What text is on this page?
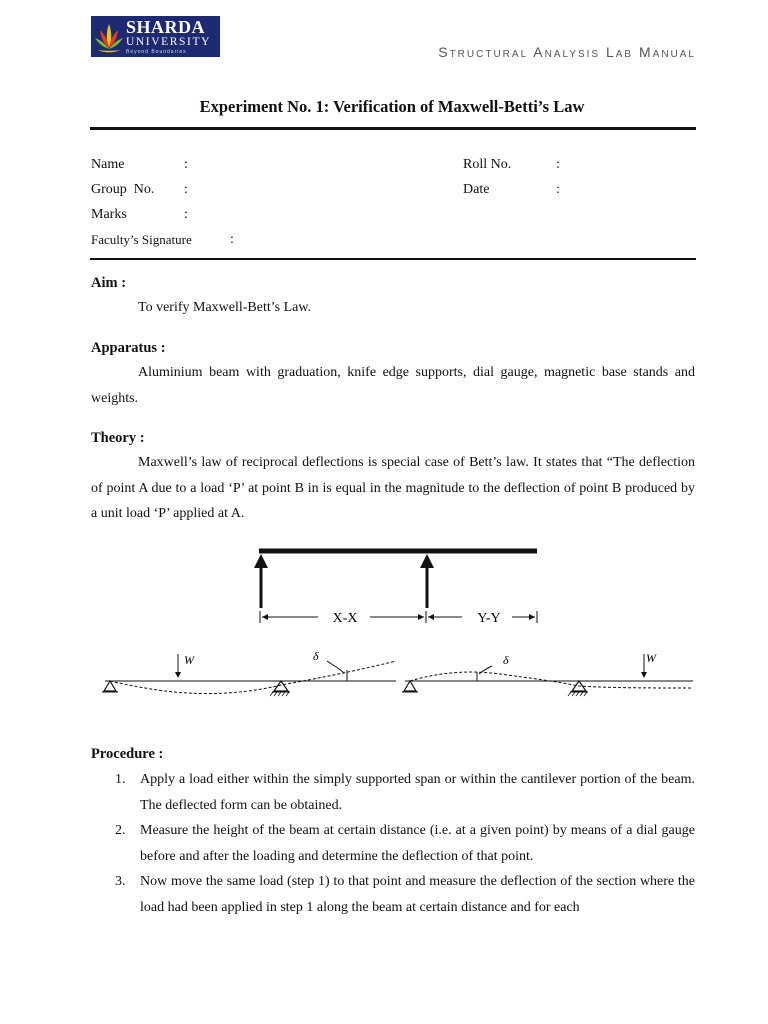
SHARDA
UNIVERSITY
Beyond Boundaries	Structural Analysis Lab Manual
Experiment No. 1: Verification of Maxwell-Betti’s Law
Name	:	Roll No.	:
Group  No. :	Date	:
Marks	:
Faculty’s Signature	:
Aim :
To verify Maxwell-Bett’s Law.
Apparatus :
Aluminium beam with graduation, knife edge supports, dial gauge, magnetic base stands and weights.
Theory :
Maxwell’s law of reciprocal deflections is special case of Bett’s law. It states that “The deflection of point A due to a load ‘P’ at point B in is equal in the magnitude to the deflection of point B produced by a unit load ‘P’ applied at A.
X-X	Y-Y
W	δ	W
δ
Procedure :
1. Apply a load either within the simply supported span or within the cantilever portion of the beam. The deflected form can be obtained.
2. Measure the height of the beam at certain distance (i.e. at a given point) by means of a dial gauge before and after the loading and determine the deflection of that point.
3. Now move the same load (step 1) to that point and measure the deflection of the section where the load had been applied in step 1 along the beam at certain distance and for each
